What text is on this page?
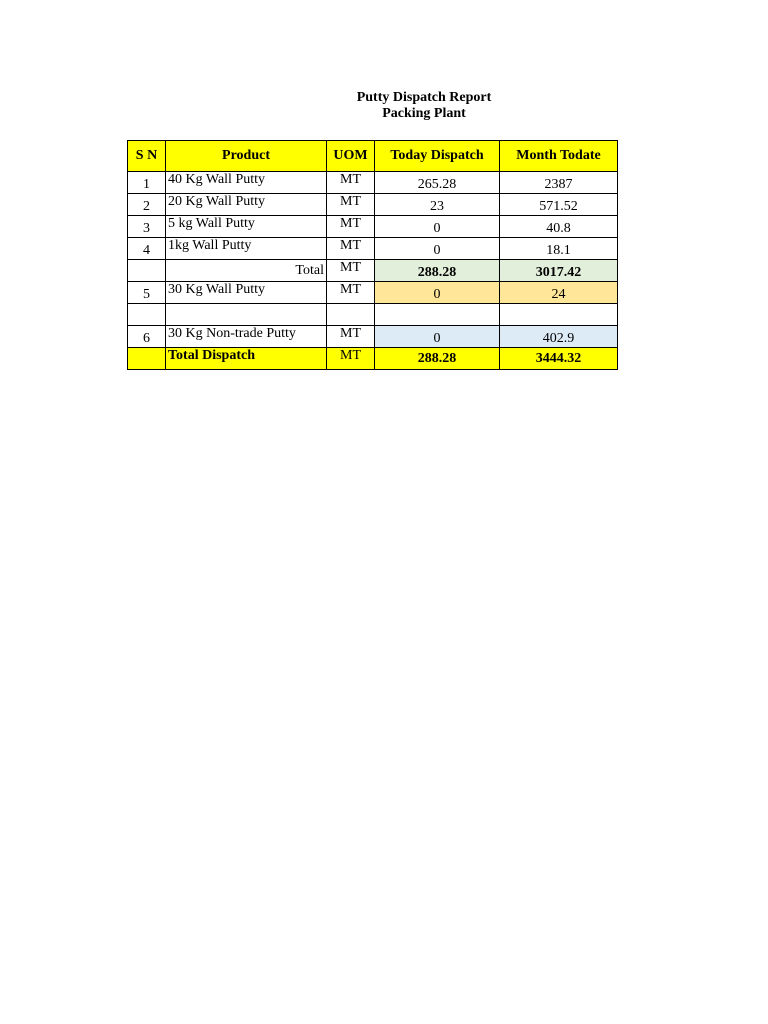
Putty Dispatch Report
Packing Plant
S N	Product	UOM	Today Dispatch	Month Todate
1	40 Kg Wall Putty	MT	265.28	2387
2	20 Kg Wall Putty	MT	23	571.52
3	5 kg Wall Putty	MT	0	40.8
4	1kg Wall Putty	MT	0	18.1
	Total	MT	288.28	3017.42
5	30 Kg Wall Putty	MT	0	24

6	30 Kg Non-trade Putty	MT	0	402.9
	Total Dispatch	MT	288.28	3444.32
